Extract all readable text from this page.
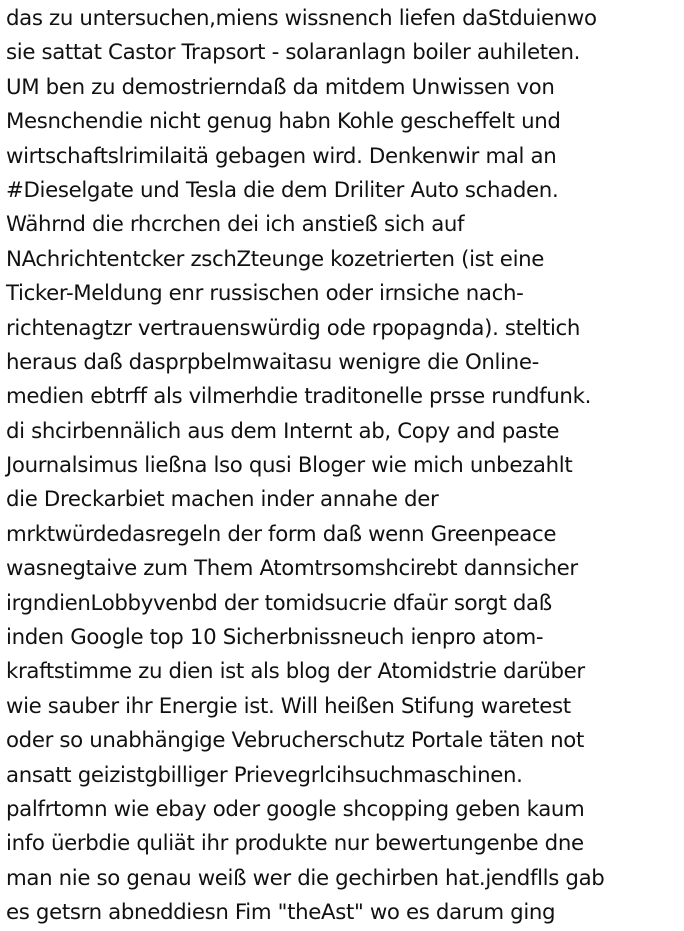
das zu untersuchen,miens wissnench liefen daStduienwo
sie sattat Castor Trapsort - solaranlagn boiler auhileten.
UM ben zu demostrierndaß da mitdem Unwissen von
Mesnchendie nicht genug habn Kohle gescheffelt und
wirtschaftslrimilaitä gebagen wird. Denkenwir mal an
#Dieselgate und Tesla die dem Driliter Auto schaden.
Währnd die rhcrchen dei ich anstieß sich auf
NAchrichtentcker zschZteunge kozetrierten (ist eine
Ticker-Meldung enr russischen oder irnsiche nach-
richtenagtzr vertrauenswürdig ode rpopagnda). steltich
heraus daß dasprpbelmwaitasu wenigre die Online-
medien ebtrff als vilmerhdie traditonelle prsse rundfunk.
di shcirbennälich aus dem Internt ab, Copy and paste
Journalsimus ließna lso qusi Bloger wie mich unbezahlt
die Dreckarbiet machen inder annahe der
mrktwürdedasregeln der form daß wenn Greenpeace
wasnegtaive zum Them Atomtrsomshcirebt dannsicher
irgndienLobbyvenbd der tomidsucrie dfaür sorgt daß
inden Google top 10 Sicherbnissneuch ienpro atom-
kraftstimme zu dien ist als blog der Atomidstrie darüber
wie sauber ihr Energie ist. Will heißen Stifung waretest
oder so unabhängige Vebrucherschutz Portale täten not
ansatt geizistgbilliger Prievegrlcihsuchmaschinen.
palfrtomn wie ebay oder google shcopping geben kaum
info üerbdie quliät ihr produkte nur bewertungenbe dne
man nie so genau weiß wer die gechirben hat.jendflls gab
es getsrn abneddiesn Fim "theAst" wo es darum ging
